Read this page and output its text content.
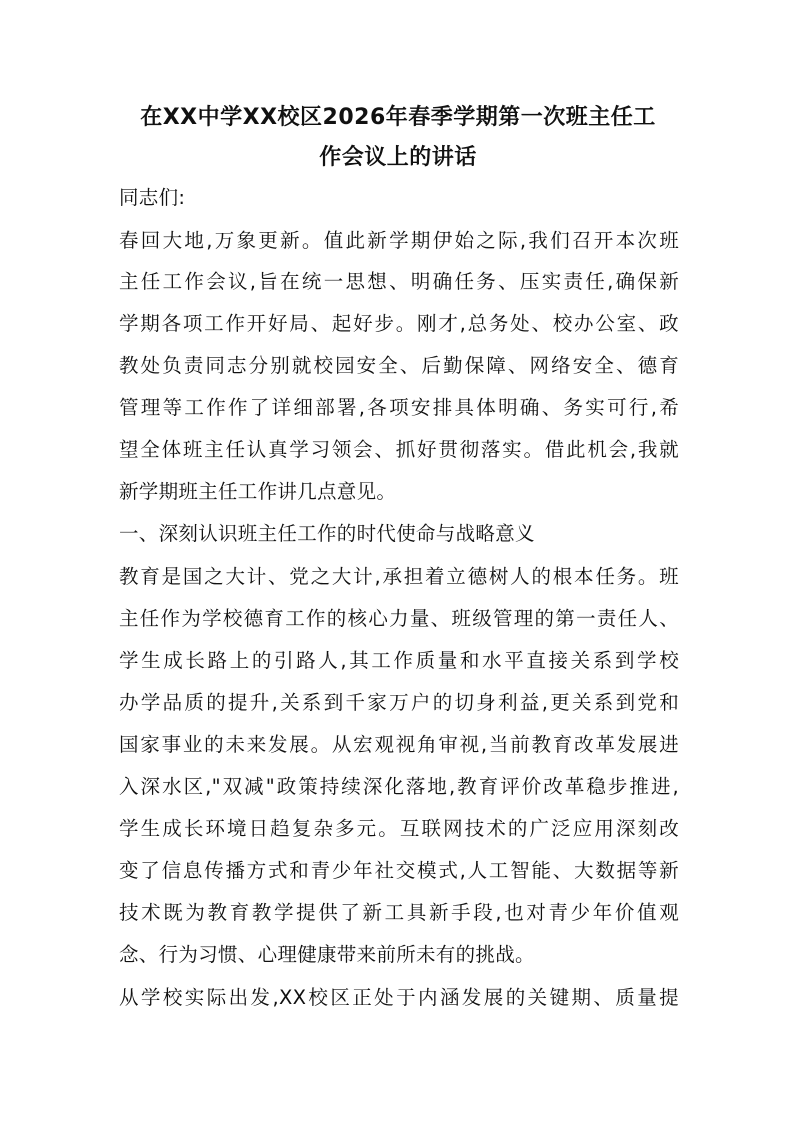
在XX中学XX校区2026年春季学期第一次班主任工
作会议上的讲话
同志们:
春回大地,万象更新。值此新学期伊始之际,我们召开本次班
主任工作会议,旨在统一思想、明确任务、压实责任,确保新
学期各项工作开好局、起好步。刚才,总务处、校办公室、政
教处负责同志分别就校园安全、后勤保障、网络安全、德育
管理等工作作了详细部署,各项安排具体明确、务实可行,希
望全体班主任认真学习领会、抓好贯彻落实。借此机会,我就
新学期班主任工作讲几点意见。
一、深刻认识班主任工作的时代使命与战略意义
教育是国之大计、党之大计,承担着立德树人的根本任务。班
主任作为学校德育工作的核心力量、班级管理的第一责任人、
学生成长路上的引路人,其工作质量和水平直接关系到学校
办学品质的提升,关系到千家万户的切身利益,更关系到党和
国家事业的未来发展。从宏观视角审视,当前教育改革发展进
入深水区,"双减"政策持续深化落地,教育评价改革稳步推进,
学生成长环境日趋复杂多元。互联网技术的广泛应用深刻改
变了信息传播方式和青少年社交模式,人工智能、大数据等新
技术既为教育教学提供了新工具新手段,也对青少年价值观
念、行为习惯、心理健康带来前所未有的挑战。
从学校实际出发,XX校区正处于内涵发展的关键期、质量提
